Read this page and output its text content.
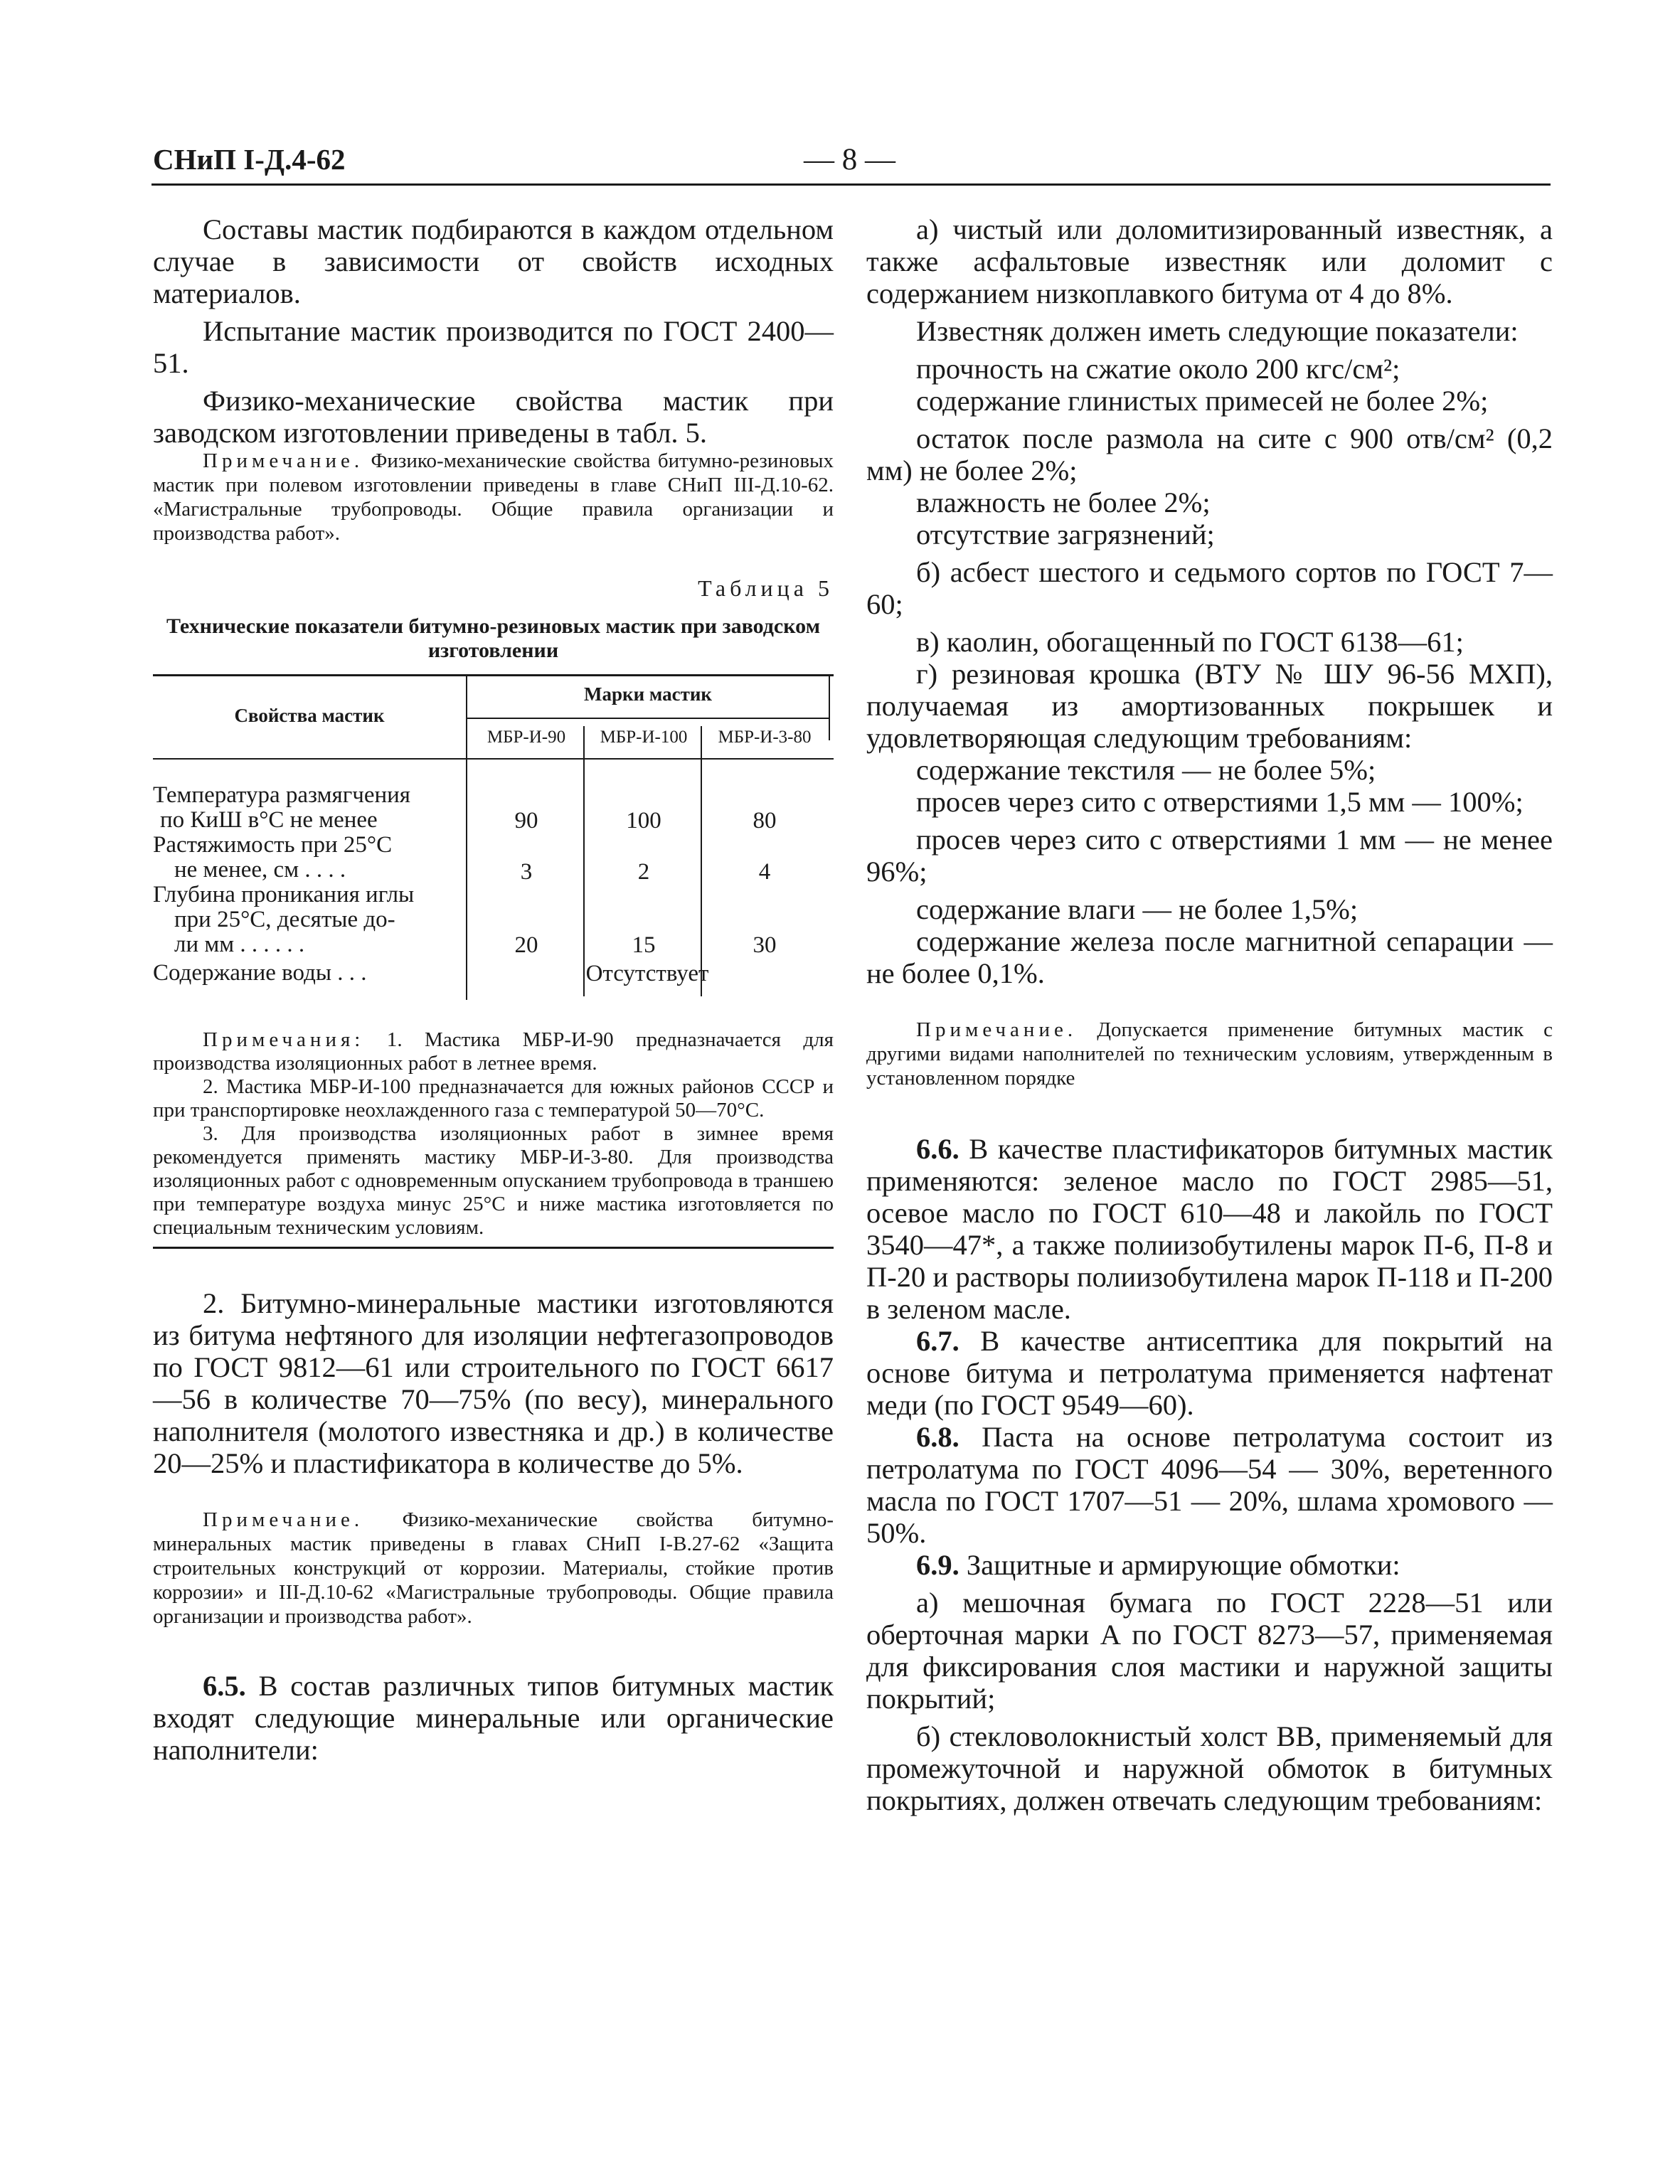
СНиП I-Д.4-62	— 8 —

Составы мастик подбираются в каждом отдельном случае в зависимости от свойств исходных материалов.

Испытание мастик производится по ГОСТ 2400—51.

Физико-механические свойства мастик при заводском изготовлении приведены в табл. 5.

Примечание. Физико-механические свойства битумно-резиновых мастик при полевом изготовлении приведены в главе СНиП III-Д.10-62. «Магистральные трубопроводы. Общие правила организации и производства работ».

Таблица 5
Технические показатели битумно-резиновых мастик при заводском изготовлении
Свойства мастик
Марки мастик
МБР-И-90	МБР-И-100	МБР-И-3-80
Температура размягчения
по КиШ в°С не менее	90	100	80
Растяжимость при 25°С
не менее, см . . . .	3	2	4
Глубина проникания иглы
при 25°С, десятые до-
ли мм . . . . . .	20	15	30
Содержание воды . . .	Отсутствует

Примечания: 1. Мастика МБР-И-90 предназначается для производства изоляционных работ в летнее время.

2. Мастика МБР-И-100 предназначается для южных районов СССР и при транспортировке неохлажденного газа с температурой 50—70°С.

3. Для производства изоляционных работ в зимнее время рекомендуется применять мастику МБР-И-3-80. Для производства изоляционных работ с одновременным опусканием трубопровода в траншею при температуре воздуха минус 25°С и ниже мастика изготовляется по специальным техническим условиям.

2. Битумно-минеральные мастики изготовляются из битума нефтяного для изоляции нефтегазопроводов по ГОСТ 9812—61 или строительного по ГОСТ 6617—56 в количестве 70—75% (по весу), минерального наполнителя (молотого известняка и др.) в количестве 20—25% и пластификатора в количестве до 5%.

Примечание. Физико-механические свойства битумно-минеральных мастик приведены в главах СНиП I-В.27-62 «Защита строительных конструкций от коррозии. Материалы, стойкие против коррозии» и III-Д.10-62 «Магистральные трубопроводы. Общие правила организации и производства работ».

6.5. В состав различных типов битумных мастик входят следующие минеральные или органические наполнители:

а) чистый или доломитизированный известняк, а также асфальтовые известняк или доломит с содержанием низкоплавкого битума от 4 до 8%.

Известняк должен иметь следующие показатели:

прочность на сжатие около 200 кгс/см²;

содержание глинистых примесей не более 2%;

остаток после размола на сите с 900 отв/см² (0,2 мм) не более 2%;

влажность не более 2%;

отсутствие загрязнений;

б) асбест шестого и седьмого сортов по ГОСТ 7—60;

в) каолин, обогащенный по ГОСТ 6138—61;

г) резиновая крошка (ВТУ № ШУ 96-56 МХП), получаемая из амортизованных покрышек и удовлетворяющая следующим требованиям:

содержание текстиля — не более 5%;

просев через сито с отверстиями 1,5 мм — 100%;

просев через сито с отверстиями 1 мм — не менее 96%;

содержание влаги — не более 1,5%;

содержание железа после магнитной сепарации — не более 0,1%.

Примечание. Допускается применение битумных мастик с другими видами наполнителей по техническим условиям, утвержденным в установленном порядке

6.6. В качестве пластификаторов битумных мастик применяются: зеленое масло по ГОСТ 2985—51, осевое масло по ГОСТ 610—48 и лакойль по ГОСТ 3540—47*, а также полиизобутилены марок П-6, П-8 и П-20 и растворы полиизобутилена марок П-118 и П-200 в зеленом масле.

6.7. В качестве антисептика для покрытий на основе битума и петролатума применяется нафтенат меди (по ГОСТ 9549—60).

6.8. Паста на основе петролатума состоит из петролатума по ГОСТ 4096—54 — 30%, веретенного масла по ГОСТ 1707—51 — 20%, шлама хромового — 50%.

6.9. Защитные и армирующие обмотки:

а) мешочная бумага по ГОСТ 2228—51 или оберточная марки А по ГОСТ 8273—57, применяемая для фиксирования слоя мастики и наружной защиты покрытий;

б) стекловолокнистый холст ВВ, применяемый для промежуточной и наружной обмоток в битумных покрытиях, должен отвечать следующим требованиям:
